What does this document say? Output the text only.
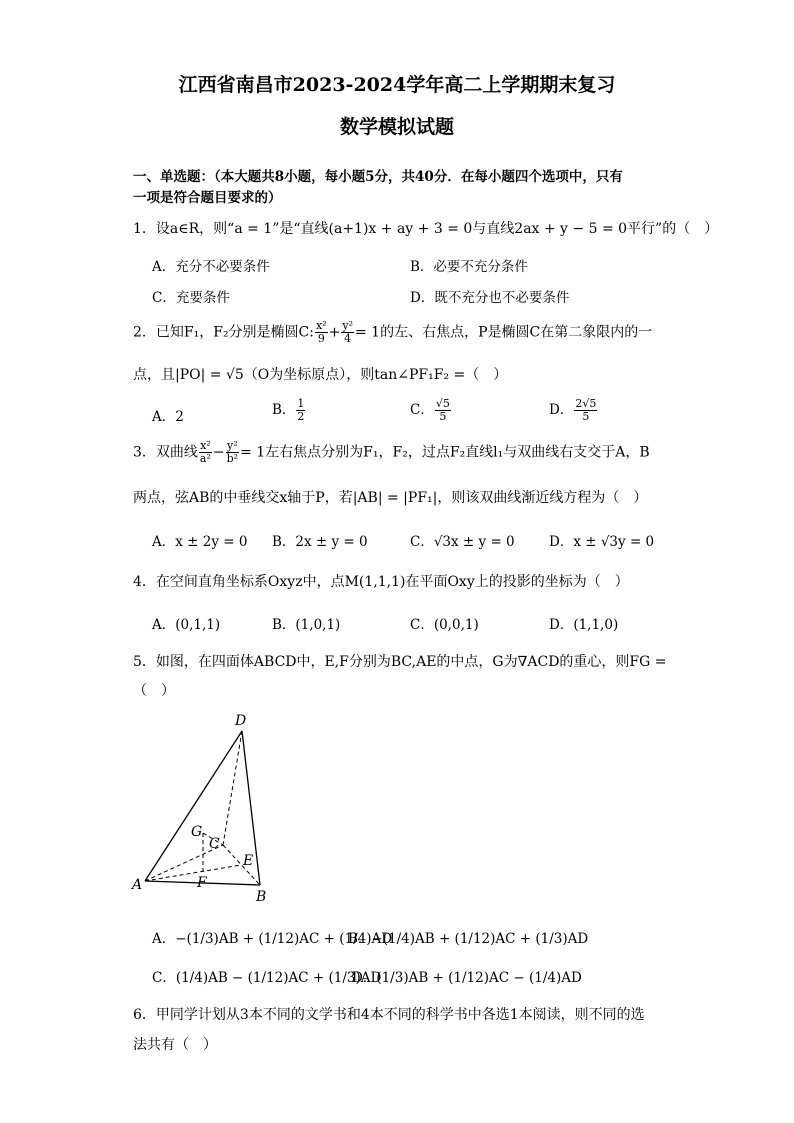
江西省南昌市2023-2024学年高二上学期期末复习
数学模拟试题
一、单选题：（本大题共8小题，每小题5分，共40分．在每小题四个选项中，只有
一项是符合题目要求的）
1．设a∈R，则“a = 1”是“直线(a+1)x + ay + 3 = 0与直线2ax + y − 5 = 0平行”的（　）
A．充分不必要条件	B．必要不充分条件
C．充要条件	D．既不充分也不必要条件
2．已知F₁，F₂分别是椭圆C: $\frac{\text{x²}}{9} + \frac{\text{y²}}{4} = 1$的左、右焦点，P是椭圆C在第二象限内的一
点，且|PO| = √5（O为坐标原点），则tan∠PF₁F₂ =（　）
A．2	B． $\frac{1}{2}$	C． $\frac{√5}{5}$	D． $\frac{2√5}{5}$
3．双曲线 $\frac{\text{x²}}{\text{a²}} - \frac{\text{y²}}{\text{b²}} = 1$左右焦点分别为F₁，F₂，过点F₂直线l₁与双曲线右支交于A，B
两点，弦AB的中垂线交x轴于P，若|AB| = |PF₁|，则该双曲线渐近线方程为（　）
A．x ± 2y = 0 B．2x ± y = 0	C．√3x ± y = 0	D．x ± √3y = 0
4．在空间直角坐标系Oxyz中，点M(1,1,1)在平面Oxy上的投影的坐标为（　）
A．(0,1,1)	B．(1,0,1)	C．(0,0,1)	D．(1,1,0)
5．如图，在四面体ABCD中，E,F分别为BC,AE的中点，G为∇ACD的重心，则FG =
（　）
D
G
C
E
F
A
B
A．−(1/3)AB + (1/12)AC + (1/4)AD
B．−(1/4)AB + (1/12)AC + (1/3)AD
C．(1/4)AB − (1/12)AC + (1/3)AD
D．(1/3)AB + (1/12)AC − (1/4)AD
6．甲同学计划从3本不同的文学书和4本不同的科学书中各选1本阅读，则不同的选
法共有（　）
